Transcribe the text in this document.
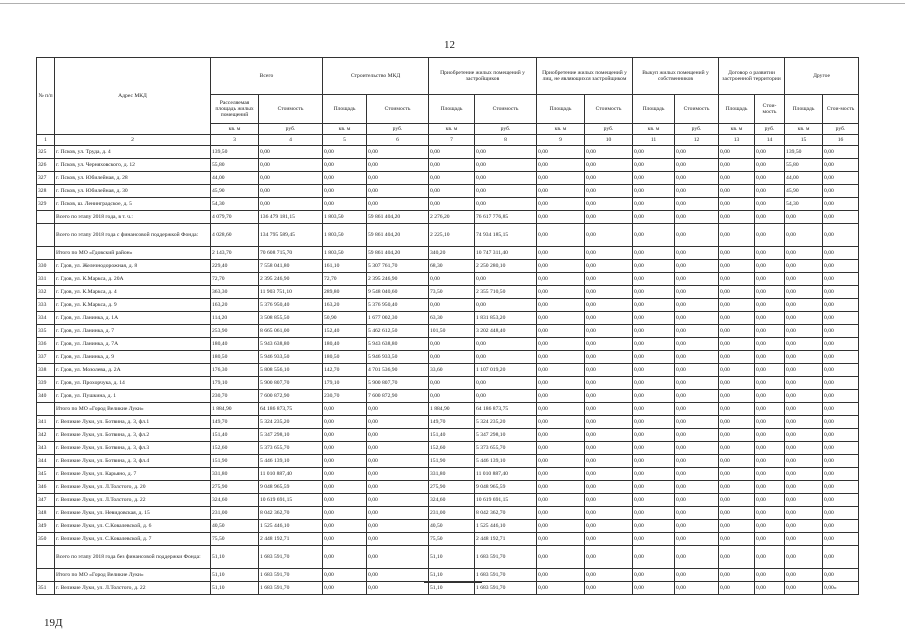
12
№ п/п	Адрес МКД	Всего		Строительство МКД		Приобретение жилых помещений у застройщиков		Приобретение жилых помещений у лиц, не являющихся застройщиком		Выкуп жилых помещений у собственников		Договор о развитии застроенной территории		Другое	
		Расселяемая площадь жилых помещений	Стоимость	Площадь	Стоимость	Площадь	Стоимость	Площадь	Стоимость	Площадь	Стоимость	Площадь	Стои-мость	Площадь	Стои-мость
		кв. м	руб.	кв. м	руб.	кв. м	руб.	кв. м	руб.	кв. м	руб.	кв. м	руб.	кв. м	руб.
1	2	3	4	5	6	7	8	9	10	11	12	13	14	15	16
325	г. Псков, ул. Труда, д. 4	139,50	0,00	0,00	0,00	0,00	0,00	0,00	0,00	0,00	0,00	0,00	0,00	139,50	0,00
326	г. Псков, ул. Черняховского, д. 12	55,80	0,00	0,00	0,00	0,00	0,00	0,00	0,00	0,00	0,00	0,00	0,00	55,80	0,00
327	г. Псков, ул. Юбилейная, д. 28	44,00	0,00	0,00	0,00	0,00	0,00	0,00	0,00	0,00	0,00	0,00	0,00	44,00	0,00
328	г. Псков, ул. Юбилейная, д. 30	45,90	0,00	0,00	0,00	0,00	0,00	0,00	0,00	0,00	0,00	0,00	0,00	45,90	0,00
329	г. Псков, ш. Ленинградское, д. 5	54,30	0,00	0,00	0,00	0,00	0,00	0,00	0,00	0,00	0,00	0,00	0,00	54,30	0,00
	Всего по этапу 2018 года, в т. ч.:	4 079,70	136 479 181,15	1 803,50	59 861 404,20	2 276,20	76 617 776,85	0,00	0,00	0,00	0,00	0,00	0,00	0,00	0,00
	Всего по этапу 2018 года с финансовой поддержкой Фонда:	4 028,60	134 795 589,45	1 803,50	59 861 404,20	2 225,10	74 934 185,15	0,00	0,00	0,00	0,00	0,00	0,00	0,00	0,00
	Итого по МО «Гдовский район»	2 143,70	70 608 715,70	1 803,50	59 861 404,20	340,20	10 747 311,40	0,00	0,00	0,00	0,00	0,00	0,00	0,00	0,00
330	г. Гдов, ул. Железнодорожная, д. 8	229,40	7 558 041,80	161,10	5 307 761,70	68,30	2 250 280,10	0,00	0,00	0,00	0,00	0,00	0,00	0,00	0,00
331	г. Гдов, ул. К.Маркса, д. 20А	72,70	2 395 246,90	72,70	2 395 246,90	0,00	0,00	0,00	0,00	0,00	0,00	0,00	0,00	0,00	0,00
332	г. Гдов, ул. К.Маркса, д. 4	363,30	11 903 751,10	289,80	9 548 040,60	73,50	2 355 710,50	0,00	0,00	0,00	0,00	0,00	0,00	0,00	0,00
333	г. Гдов, ул. К.Маркса, д. 9	163,20	5 376 950,40	163,20	5 376 950,40	0,00	0,00	0,00	0,00	0,00	0,00	0,00	0,00	0,00	0,00
334	г. Гдов, ул. Ланинка, д. 1А	114,20	3 508 855,50	50,90	1 677 002,30	63,30	1 831 853,20	0,00	0,00	0,00	0,00	0,00	0,00	0,00	0,00
335	г. Гдов, ул. Ланинка, д. 7	253,90	8 665 061,00	152,40	5 462 612,50	101,50	3 202 448,40	0,00	0,00	0,00	0,00	0,00	0,00	0,00	0,00
336	г. Гдов, ул. Ланинка, д. 7А	180,40	5 943 638,80	180,40	5 943 638,80	0,00	0,00	0,00	0,00	0,00	0,00	0,00	0,00	0,00	0,00
337	г. Гдов, ул. Ланинка, д. 9	180,50	5 946 933,50	180,50	5 946 933,50	0,00	0,00	0,00	0,00	0,00	0,00	0,00	0,00	0,00	0,00
338	г. Гдов, ул. Мозолева, д. 2А	176,30	5 808 556,10	142,70	4 701 536,90	33,60	1 107 019,20	0,00	0,00	0,00	0,00	0,00	0,00	0,00	0,00
339	г. Гдов, ул. Прохорчука, д. 14	179,10	5 900 807,70	179,10	5 900 807,70	0,00	0,00	0,00	0,00	0,00	0,00	0,00	0,00	0,00	0,00
340	г. Гдов, ул. Пушкина, д. 1	230,70	7 600 872,90	230,70	7 600 872,90	0,00	0,00	0,00	0,00	0,00	0,00	0,00	0,00	0,00	0,00
	Итого по МО «Город Великие Луки»	1 884,90	64 186 873,75	0,00	0,00	1 884,90	64 186 873,75	0,00	0,00	0,00	0,00	0,00	0,00	0,00	0,00
341	г. Великие Луки, ул. Ботвина, д. 3, фл.1	149,70	5 324 235,20	0,00	0,00	149,70	5 324 235,20	0,00	0,00	0,00	0,00	0,00	0,00	0,00	0,00
342	г. Великие Луки, ул. Ботвина, д. 3, фл.2	151,40	5 347 298,10	0,00	0,00	151,40	5 347 298,10	0,00	0,00	0,00	0,00	0,00	0,00	0,00	0,00
343	г. Великие Луки, ул. Ботвина, д. 3, фл.3	152,60	5 373 655,70	0,00	0,00	152,60	5 373 655,70	0,00	0,00	0,00	0,00	0,00	0,00	0,00	0,00
344	г. Великие Луки, ул. Ботвина, д. 3, фл.4	151,90	5 446 139,10	0,00	0,00	151,90	5 446 139,10	0,00	0,00	0,00	0,00	0,00	0,00	0,00	0,00
345	г. Великие Луки, ул. Карьяно, д. 7	331,80	11 010 887,40	0,00	0,00	331,80	11 010 887,40	0,00	0,00	0,00	0,00	0,00	0,00	0,00	0,00
346	г. Великие Луки, ул. Л.Толстого, д. 20	275,90	9 048 965,59	0,00	0,00	275,90	9 048 965,59	0,00	0,00	0,00	0,00	0,00	0,00	0,00	0,00
347	г. Великие Луки, ул. Л.Толстого, д. 22	324,60	10 619 691,15	0,00	0,00	324,60	10 619 691,15	0,00	0,00	0,00	0,00	0,00	0,00	0,00	0,00
348	г. Великие Луки, ул. Невидовская, д. 15	231,00	8 042 362,70	0,00	0,00	231,00	8 042 362,70	0,00	0,00	0,00	0,00	0,00	0,00	0,00	0,00
349	г. Великие Луки, ул. С.Ковалевской, д. 6	40,50	1 525 446,10	0,00	0,00	40,50	1 525 446,10	0,00	0,00	0,00	0,00	0,00	0,00	0,00	0,00
350	г. Великие Луки, ул. С.Ковалевской, д. 7	75,50	2 448 192,71	0,00	0,00	75,50	2 448 192,71	0,00	0,00	0,00	0,00	0,00	0,00	0,00	0,00
	Всего по этапу 2018 года без финансовой поддержки Фонда:	51,10	1 683 591,70	0,00	0,00	51,10	1 683 591,70	0,00	0,00	0,00	0,00	0,00	0,00	0,00	0,00
	Итого по МО «Город Великие Луки»	51,10	1 683 591,70	0,00	0,00	51,10	1 683 591,70	0,00	0,00	0,00	0,00	0,00	0,00	0,00	0,00
351	г. Великие Луки, ул. Л.Толстого, д. 22	51,10	1 683 591,70	0,00	0,00	51,10	1 683 591,70	0,00	0,00	0,00	0,00	0,00	0,00	0,00	0,00»
19Д
